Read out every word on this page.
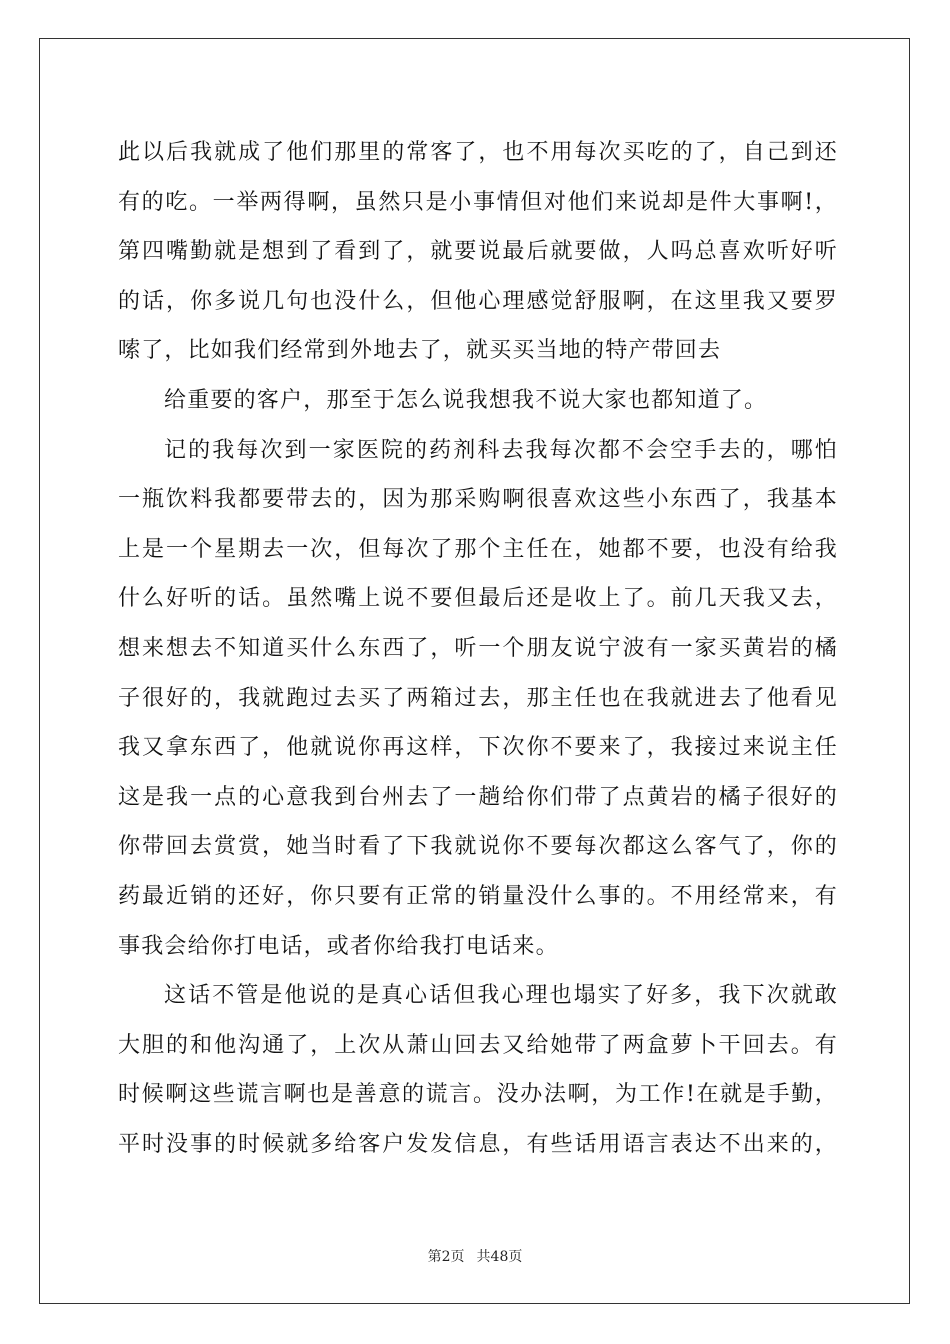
此以后我就成了他们那里的常客了，也不用每次买吃的了，自己到还
有的吃。一举两得啊，虽然只是小事情但对他们来说却是件大事啊!，
第四嘴勤就是想到了看到了，就要说最后就要做，人吗总喜欢听好听
的话，你多说几句也没什么，但他心理感觉舒服啊，在这里我又要罗
嗦了，比如我们经常到外地去了，就买买当地的特产带回去
给重要的客户，那至于怎么说我想我不说大家也都知道了。
记的我每次到一家医院的药剂科去我每次都不会空手去的，哪怕
一瓶饮料我都要带去的，因为那采购啊很喜欢这些小东西了，我基本
上是一个星期去一次，但每次了那个主任在，她都不要，也没有给我
什么好听的话。虽然嘴上说不要但最后还是收上了。前几天我又去，
想来想去不知道买什么东西了，听一个朋友说宁波有一家买黄岩的橘
子很好的，我就跑过去买了两箱过去，那主任也在我就进去了他看见
我又拿东西了，他就说你再这样，下次你不要来了，我接过来说主任
这是我一点的心意我到台州去了一趟给你们带了点黄岩的橘子很好的
你带回去赏赏，她当时看了下我就说你不要每次都这么客气了，你的
药最近销的还好，你只要有正常的销量没什么事的。不用经常来，有
事我会给你打电话，或者你给我打电话来。
这话不管是他说的是真心话但我心理也塌实了好多，我下次就敢
大胆的和他沟通了，上次从萧山回去又给她带了两盒萝卜干回去。有
时候啊这些谎言啊也是善意的谎言。没办法啊，为工作!在就是手勤，
平时没事的时候就多给客户发发信息，有些话用语言表达不出来的，
第2页 共48页
